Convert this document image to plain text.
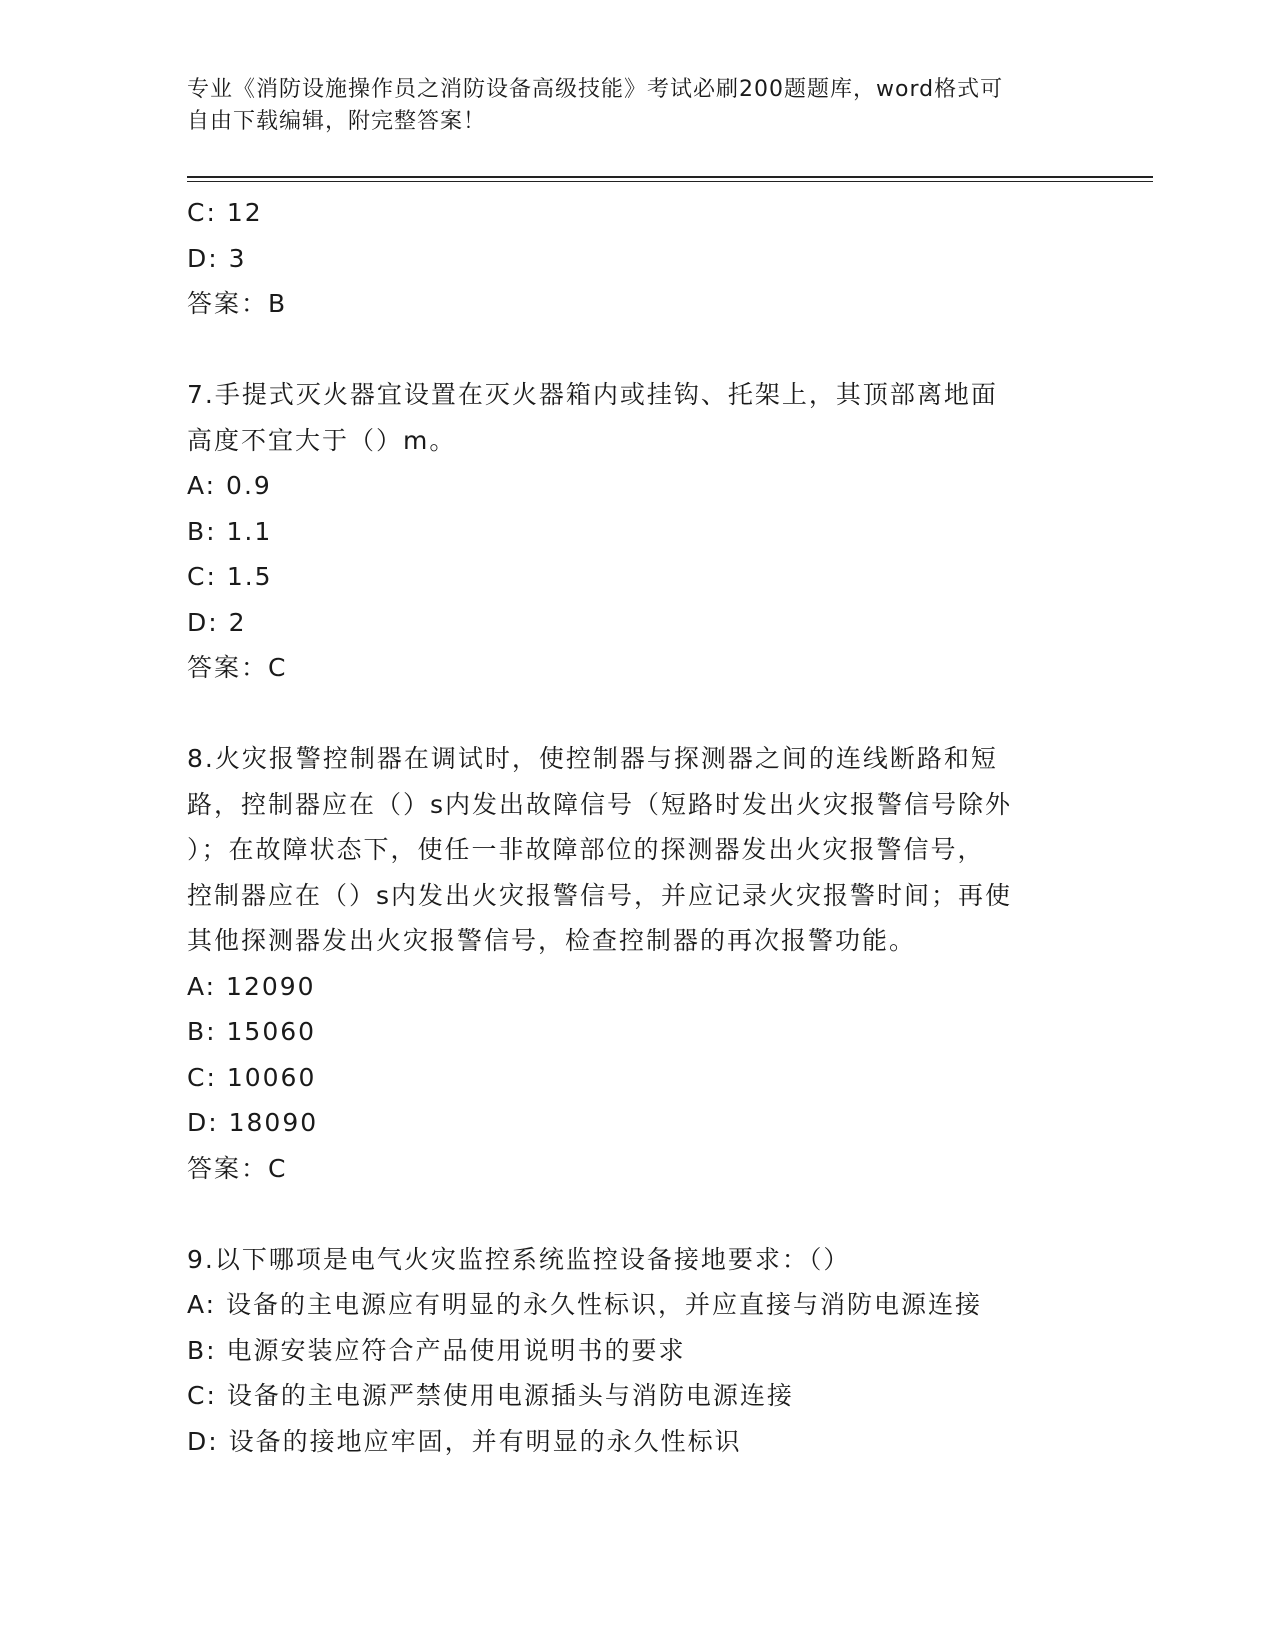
专业《消防设施操作员之消防设备高级技能》考试必刷200题题库，word格式可
自由下载编辑，附完整答案！
C: 12
D: 3
答案：B
7.手提式灭火器宜设置在灭火器箱内或挂钩、托架上，其顶部离地面
高度不宜大于（）m。
A: 0.9
B: 1.1
C: 1.5
D: 2
答案：C
8.火灾报警控制器在调试时，使控制器与探测器之间的连线断路和短
路，控制器应在（）s内发出故障信号（短路时发出火灾报警信号除外
）；在故障状态下，使任一非故障部位的探测器发出火灾报警信号，
控制器应在（）s内发出火灾报警信号，并应记录火灾报警时间；再使
其他探测器发出火灾报警信号，检查控制器的再次报警功能。
A: 12090
B: 15060
C: 10060
D: 18090
答案：C
9.以下哪项是电气火灾监控系统监控设备接地要求：（）
A: 设备的主电源应有明显的永久性标识，并应直接与消防电源连接
B: 电源安装应符合产品使用说明书的要求
C: 设备的主电源严禁使用电源插头与消防电源连接
D: 设备的接地应牢固，并有明显的永久性标识
